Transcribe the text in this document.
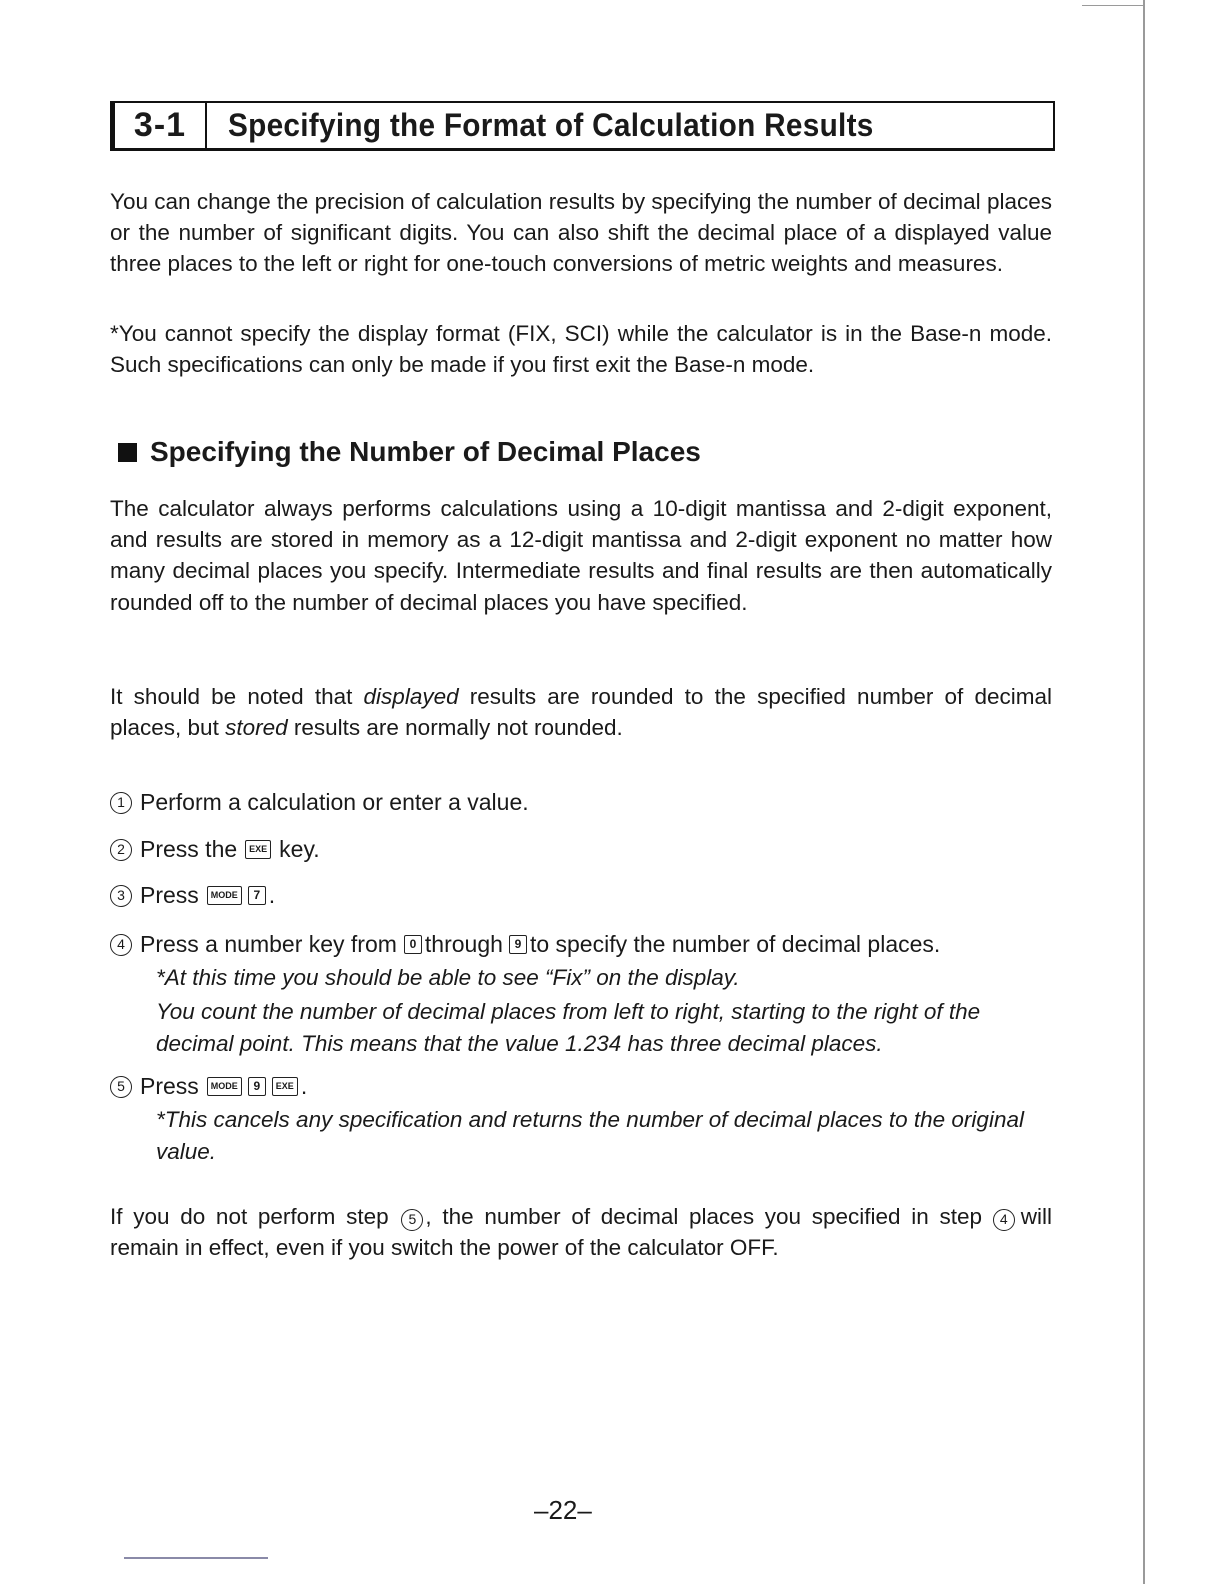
3-1	Specifying the Format of Calculation Results

You can change the precision of calculation results by specifying the number of decimal places or the number of significant digits. You can also shift the decimal place of a displayed value three places to the left or right for one-touch conversions of metric weights and measures.

*You cannot specify the display format (FIX, SCI) while the calculator is in the Base-n mode. Such specifications can only be made if you first exit the Base-n mode.

Specifying the Number of Decimal Places

The calculator always performs calculations using a 10-digit mantissa and 2-digit exponent, and results are stored in memory as a 12-digit mantissa and 2-digit exponent no matter how many decimal places you specify. Intermediate results and final results are then automatically rounded off to the number of decimal places you have specified.

It should be noted that displayed results are rounded to the specified number of decimal places, but stored results are normally not rounded.

1 Perform a calculation or enter a value.
2 Press the	EXE key.
3 Press	MODE	7 .
4 Press a number key from	0 through 9 to specify the number of decimal places.
*At this time you should be able to see “Fix” on the display.
You count the number of decimal places from left to right, starting to the right of the decimal point. This means that the value 1.234 has three decimal places.
5 Press	MODE	9	EXE .
*This cancels any specification and returns the number of decimal places to the original value.

If you do not perform step 5 , the number of decimal places you specified in step 4 will remain in effect, even if you switch the power of the calculator OFF.

–22–
